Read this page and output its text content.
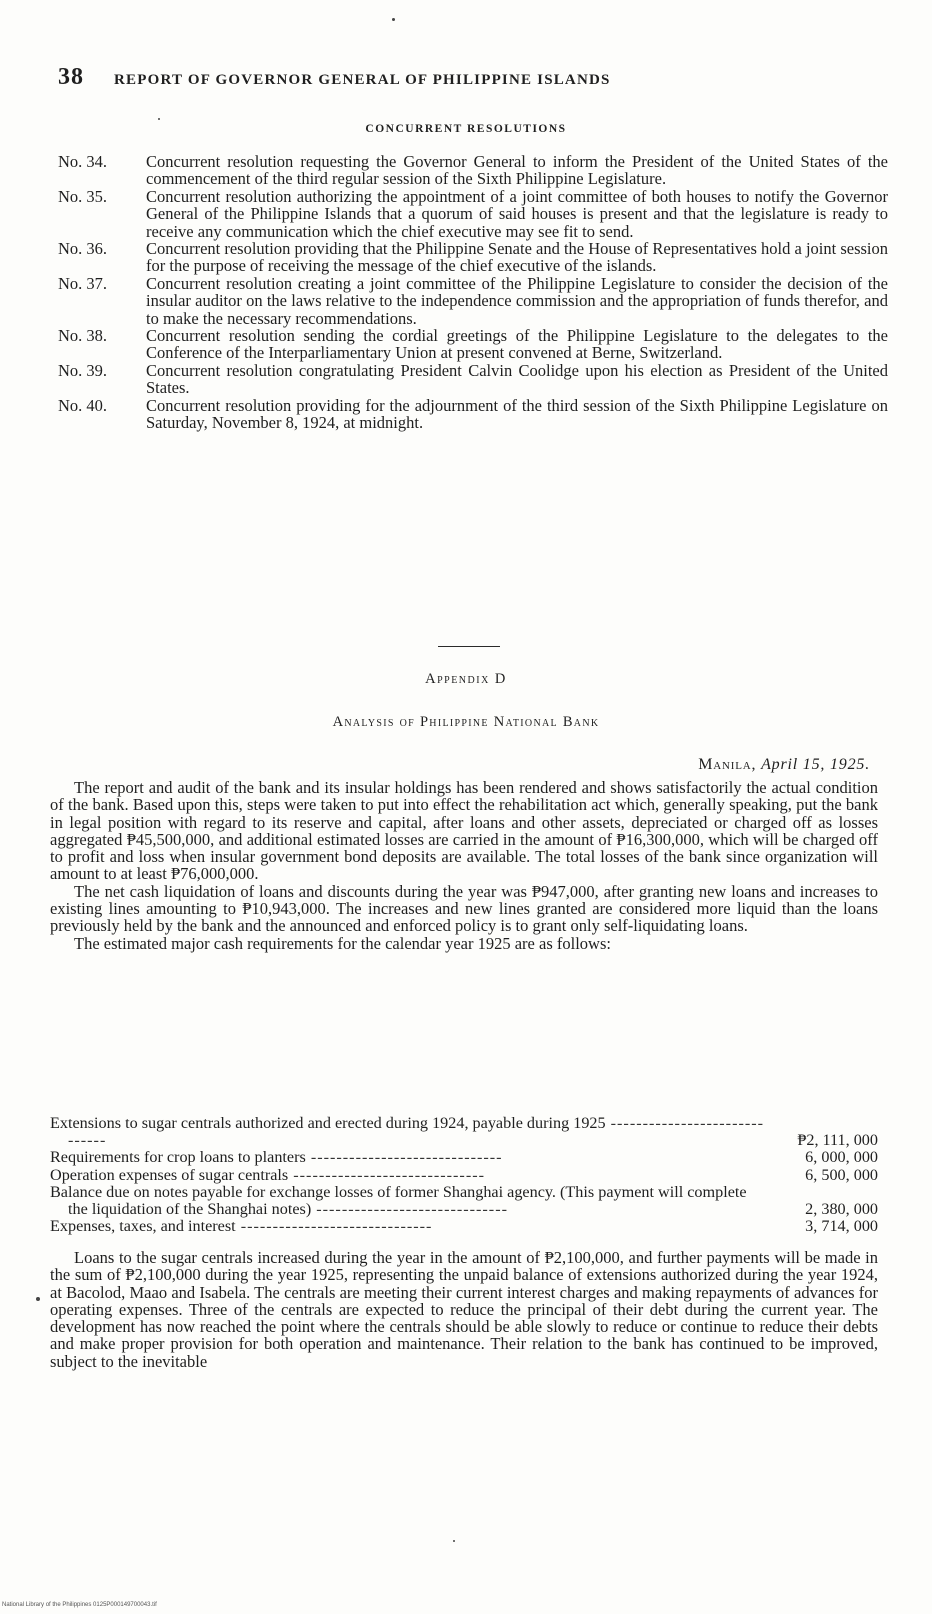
38 REPORT OF GOVERNOR GENERAL OF PHILIPPINE ISLANDS
CONCURRENT RESOLUTIONS
No. 34.	Concurrent resolution requesting the Governor General to inform the President of the United States of the commencement of the third regular session of the Sixth Philippine Legislature.
No. 35.	Concurrent resolution authorizing the appointment of a joint committee of both houses to notify the Governor General of the Philippine Islands that a quorum of said houses is present and that the legislature is ready to receive any communication which the chief executive may see fit to send.
No. 36.	Concurrent resolution providing that the Philippine Senate and the House of Representatives hold a joint session for the purpose of receiving the message of the chief executive of the islands.
No. 37.	Concurrent resolution creating a joint committee of the Philippine Legislature to consider the decision of the insular auditor on the laws relative to the independence commission and the appropriation of funds therefor, and to make the necessary recommendations.
No. 38.	Concurrent resolution sending the cordial greetings of the Philippine Legislature to the delegates to the Conference of the Interparliamentary Union at present convened at Berne, Switzerland.
No. 39.	Concurrent resolution congratulating President Calvin Coolidge upon his election as President of the United States.
No. 40.	Concurrent resolution providing for the adjournment of the third session of the Sixth Philippine Legislature on Saturday, November 8, 1924, at midnight.
Appendix D
Analysis of Philippine National Bank
Manila, April 15, 1925.

The report and audit of the bank and its insular holdings has been rendered and shows satisfactorily the actual condition of the bank. Based upon this, steps were taken to put into effect the rehabilitation act which, generally speaking, put the bank in legal position with regard to its reserve and capital, after loans and other assets, depreciated or charged off as losses aggregated ₱45,500,000, and additional estimated losses are carried in the amount of ₱16,300,000, which will be charged off to profit and loss when insular government bond deposits are available. The total losses of the bank since organization will amount to at least ₱76,000,000.

The net cash liquidation of loans and discounts during the year was ₱947,000, after granting new loans and increases to existing lines amounting to ₱10,943,000. The increases and new lines granted are considered more liquid than the loans previously held by the bank and the announced and enforced policy is to grant only self-liquidating loans.

The estimated major cash requirements for the calendar year 1925 are as follows:

Extensions to sugar centrals authorized and erected during 1924, payable during 1925 ------------------------------	₱2, 111, 000
Requirements for crop loans to planters ------------------------------	6, 000, 000
Operation expenses of sugar centrals ------------------------------	6, 500, 000
Balance due on notes payable for exchange losses of former Shanghai agency. (This payment will complete the liquidation of the Shanghai notes) ------------------------------	2, 380, 000
Expenses, taxes, and interest ------------------------------	3, 714, 000

Loans to the sugar centrals increased during the year in the amount of ₱2,100,000, and further payments will be made in the sum of ₱2,100,000 during the year 1925, representing the unpaid balance of extensions authorized during the year 1924, at Bacolod, Maao and Isabela. The centrals are meeting their current interest charges and making repayments of advances for operating expenses. Three of the centrals are expected to reduce the principal of their debt during the current year. The development has now reached the point where the centrals should be able slowly to reduce or continue to reduce their debts and make proper provision for both operation and maintenance. Their relation to the bank has continued to be improved, subject to the inevitable

National Library of the Philippines 0125P000149700043.tif
